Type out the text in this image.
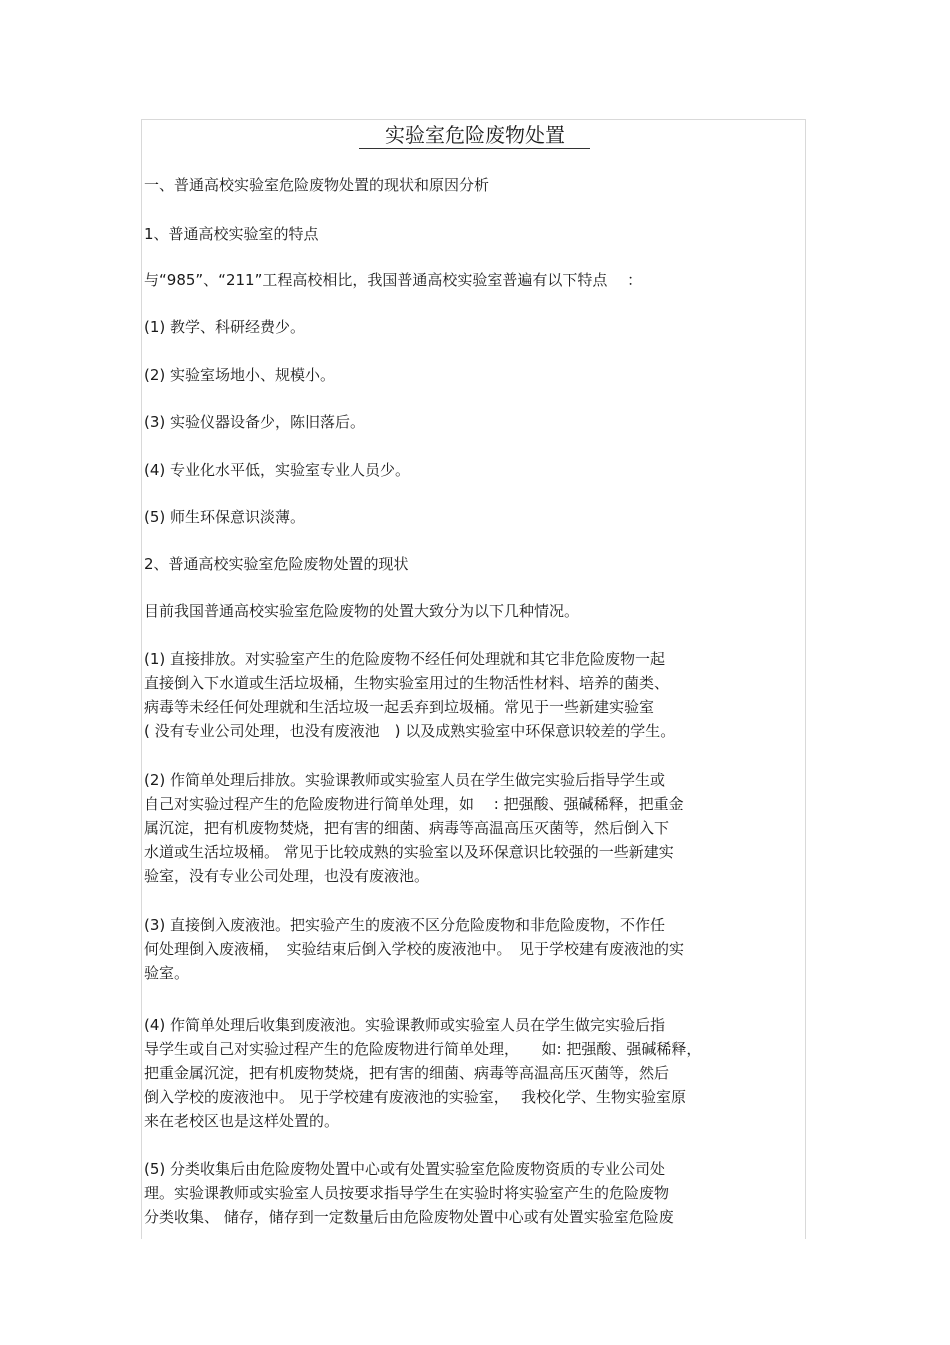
实验室危险废物处置
一、普通高校实验室危险废物处置的现状和原因分析
1、普通高校实验室的特点
与“985”、“211”工程高校相比，我国普通高校实验室普遍有以下特点　 ：
(1) 教学、科研经费少。
(2) 实验室场地小、规模小。
(3) 实验仪器设备少，陈旧落后。
(4) 专业化水平低，实验室专业人员少。
(5) 师生环保意识淡薄。
2、普通高校实验室危险废物处置的现状
目前我国普通高校实验室危险废物的处置大致分为以下几种情况。
(1) 直接排放。对实验室产生的危险废物不经任何处理就和其它非危险废物一起
直接倒入下水道或生活垃圾桶，生物实验室用过的生物活性材料、培养的菌类、
病毒等未经任何处理就和生活垃圾一起丢弃到垃圾桶。常见于一些新建实验室
( 没有专业公司处理，也没有废液池　) 以及成熟实验室中环保意识较差的学生。
(2) 作简单处理后排放。实验课教师或实验室人员在学生做完实验后指导学生或
自己对实验过程产生的危险废物进行简单处理，如　 : 把强酸、强碱稀释，把重金
属沉淀，把有机废物焚烧，把有害的细菌、病毒等高温高压灭菌等，然后倒入下
水道或生活垃圾桶。 常见于比较成熟的实验室以及环保意识比较强的一些新建实
验室，没有专业公司处理，也没有废液池。
(3) 直接倒入废液池。把实验产生的废液不区分危险废物和非危险废物，不作任
何处理倒入废液桶，　实验结束后倒入学校的废液池中。　见于学校建有废液池的实
验室。
(4) 作简单处理后收集到废液池。实验课教师或实验室人员在学生做完实验后指
导学生或自己对实验过程产生的危险废物进行简单处理，　　如: 把强酸、强碱稀释，
把重金属沉淀，把有机废物焚烧，把有害的细菌、病毒等高温高压灭菌等，然后
倒入学校的废液池中。 见于学校建有废液池的实验室，　 我校化学、生物实验室原
来在老校区也是这样处置的。
(5) 分类收集后由危险废物处置中心或有处置实验室危险废物资质的专业公司处
理。实验课教师或实验室人员按要求指导学生在实验时将实验室产生的危险废物
分类收集、 储存，储存到一定数量后由危险废物处置中心或有处置实验室危险废
